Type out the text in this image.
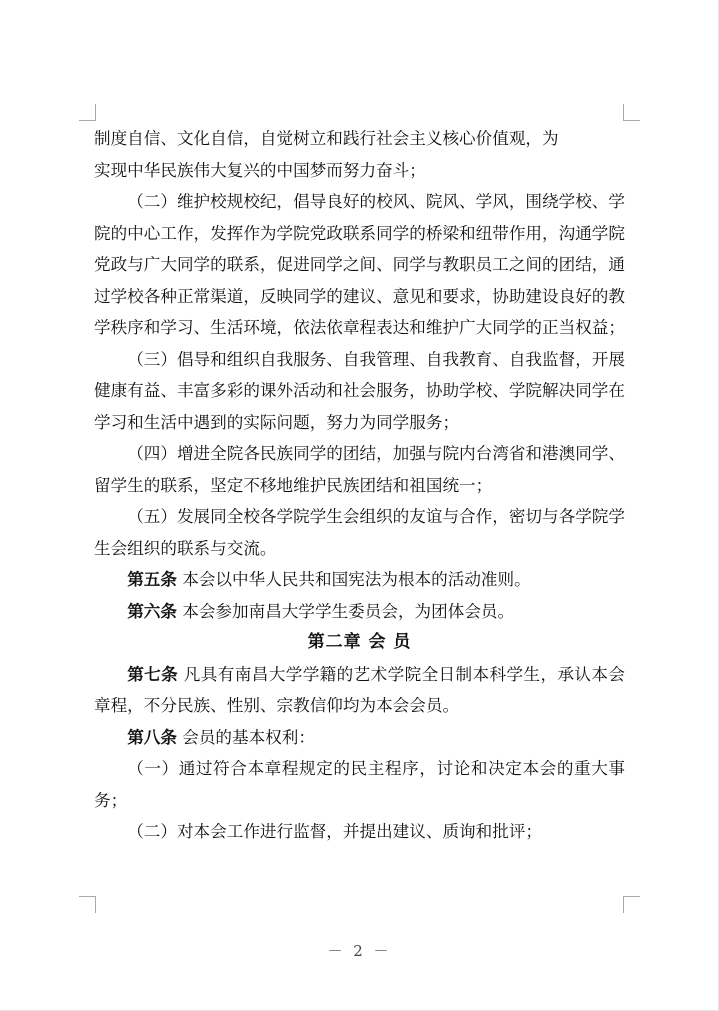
制度自信、文化自信，自觉树立和践行社会主义核心价值观，为
实现中华民族伟大复兴的中国梦而努力奋斗；

（二）维护校规校纪，倡导良好的校风、院风、学风，围绕学校、学院的中心工作，发挥作为学院党政联系同学的桥梁和纽带作用，沟通学院党政与广大同学的联系，促进同学之间、同学与教职员工之间的团结，通过学校各种正常渠道，反映同学的建议、意见和要求，协助建设良好的教学秩序和学习、生活环境，依法依章程表达和维护广大同学的正当权益；

（三）倡导和组织自我服务、自我管理、自我教育、自我监督，开展健康有益、丰富多彩的课外活动和社会服务，协助学校、学院解决同学在学习和生活中遇到的实际问题，努力为同学服务；

（四）增进全院各民族同学的团结，加强与院内台湾省和港澳同学、留学生的联系，坚定不移地维护民族团结和祖国统一；

（五）发展同全校各学院学生会组织的友谊与合作，密切与各学院学生会组织的联系与交流。

第五条 本会以中华人民共和国宪法为根本的活动准则。

第六条 本会参加南昌大学学生委员会，为团体会员。

第二章 会 员

第七条 凡具有南昌大学学籍的艺术学院全日制本科学生，承认本会章程，不分民族、性别、宗教信仰均为本会会员。

第八条 会员的基本权利：

（一）通过符合本章程规定的民主程序，讨论和决定本会的重大事务；

（二）对本会工作进行监督，并提出建议、质询和批评；

－ 2 －
